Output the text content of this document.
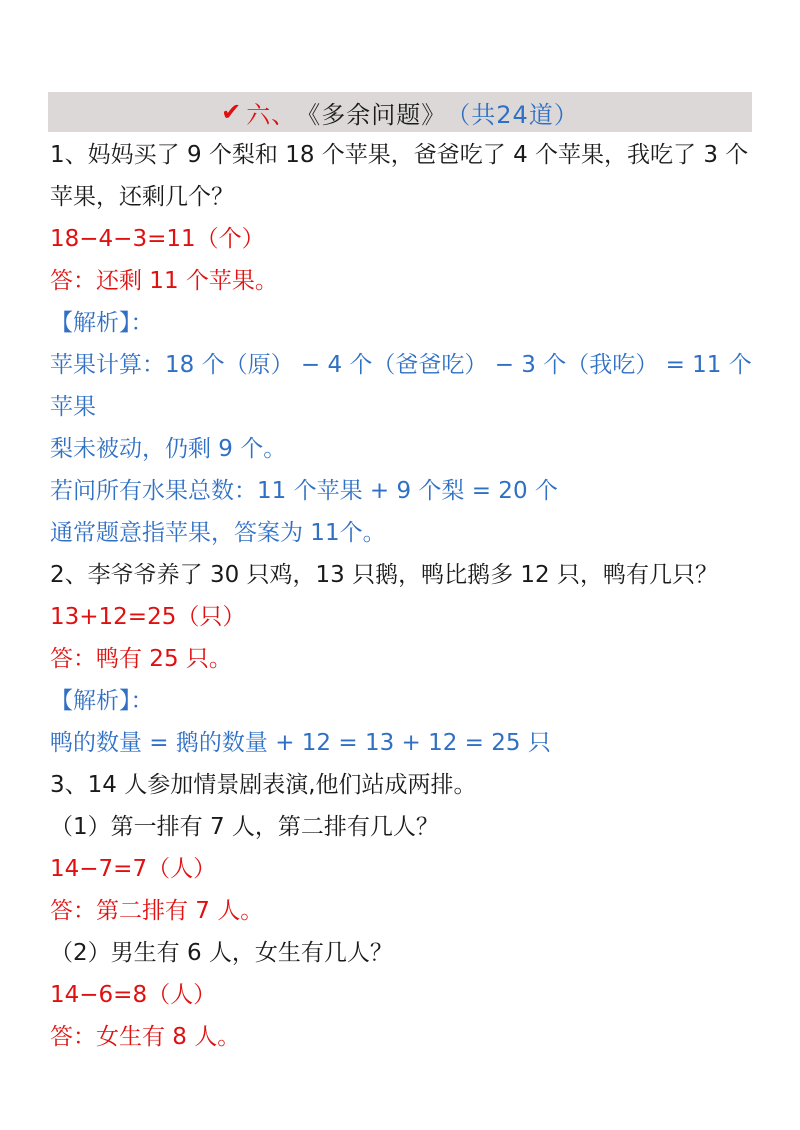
✔ 六、 《多余问题》 （共24道）
1、妈妈买了 9 个梨和 18 个苹果，爸爸吃了 4 个苹果，我吃了 3 个
苹果，还剩几个？
18−4−3=11（个）
答：还剩 11 个苹果。
【解析】：
苹果计算：18 个（原） − 4 个（爸爸吃） − 3 个（我吃） = 11 个
苹果
梨未被动，仍剩 9 个。
若问所有水果总数：11 个苹果 + 9 个梨 = 20 个
通常题意指苹果，答案为 11个。
2、李爷爷养了 30 只鸡，13 只鹅，鸭比鹅多 12 只，鸭有几只？
13+12=25（只）
答：鸭有 25 只。
【解析】：
鸭的数量 = 鹅的数量 + 12 = 13 + 12 = 25 只
3、14 人参加情景剧表演,他们站成两排。
（1）第一排有 7 人，第二排有几人？
14−7=7（人）
答：第二排有 7 人。
（2）男生有 6 人，女生有几人？
14−6=8（人）
答：女生有 8 人。
